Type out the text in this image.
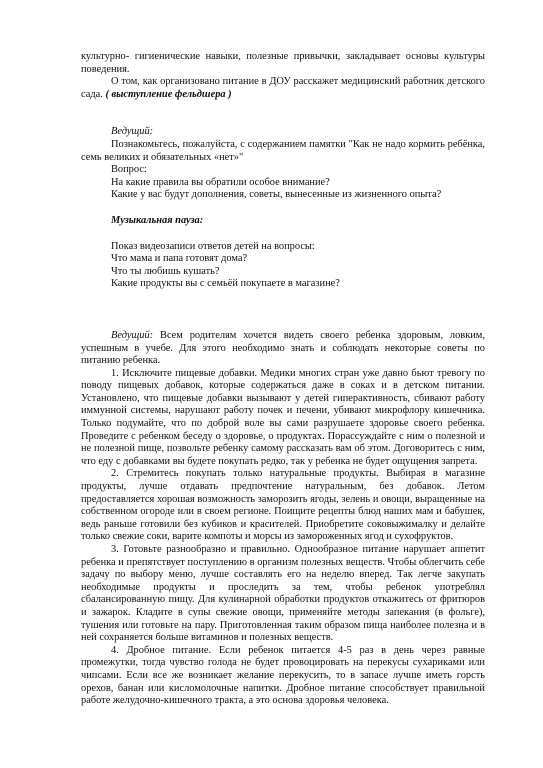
культурно- гигиенические навыки, полезные привычки, закладывает основы культуры поведения.

О том, как организовано питание в ДОУ расскажет медицинский работник детского сада. ( выступление фельдшера )

Ведущий:

Познакомьтесь, пожалуйста, с содержанием памятки "Как не надо кормить ребёнка, семь великих и обязательных «нет»"

Вопрос:

На какие правила вы обратили особое внимание?

Какие у вас будут дополнения, советы, вынесенные из жизненного опыта?

Музыкальная пауза:

Показ видеозаписи ответов детей на вопросы:

Что мама и папа готовят дома?

Что ты любишь кушать?

Какие продукты вы с семьёй покупаете в магазине?

Ведущий: Всем родителям хочется видеть своего ребенка здоровым, ловким, успешным в учебе. Для этого необходимо знать и соблюдать некоторые советы по питанию ребенка.

1. Исключите пищевые добавки. Медики многих стран уже давно бьют тревогу по поводу пищевых добавок, которые содержаться даже в соках и в детском питании. Установлено, что пищевые добавки вызывают у детей гиперактивность, сбивают работу иммунной системы, нарушают работу почек и печени, убивают микрофлору кишечника. Только подумайте, что по доброй воле вы сами разрушаете здоровье своего ребенка. Проведите с ребенком беседу о здоровье, о продуктах. Порассуждайте с ним о полезной и не полезной пище, позвольте ребенку самому рассказать вам об этом. Договоритесь с ним, что еду с добавками вы будете покупать редко, так у ребенка не будет ощущения запрета.

2. Стремитесь покупать только натуральные продукты. Выбирая в магазине продукты, лучше отдавать предпочтение натуральным, без добавок. Летом предоставляется хорошая возможность заморозить ягоды, зелень и овощи, выращенные на собственном огороде или в своем регионе. Поищите рецепты блюд наших мам и бабушек, ведь раньше готовили без кубиков и красителей. Приобретите соковыжималку и делайте только свежие соки, варите компоты и морсы из замороженных ягод и сухофруктов.

3. Готовьте разнообразно и правильно. Однообразное питание нарушает аппетит ребенка и препятствует поступлению в организм полезных веществ. Чтобы облегчить себе задачу по выбору меню, лучше составлять его на неделю вперед. Так легче закупать необходимые продукты и проследить за тем, чтобы ребенок употреблял сбалансированную пищу. Для кулинарной обработки продуктов откажитесь от фритюров и зажарок. Кладите в супы свежие овощи, применяйте методы запекания (в фольге), тушения или готовьте на пару. Приготовленная таким образом пища наиболее полезна и в ней сохраняется больше витаминов и полезных веществ.

4. Дробное питание. Если ребенок питается 4-5 раз в день через равные промежутки, тогда чувство голода не будет провоцировать на перекусы сухариками или чипсами. Если все же возникает желание перекусить, то в запасе лучше иметь горсть орехов, банан или кисломолочные напитки. Дробное питание способствует правильной работе желудочно-кишечного тракта, а это основа здоровья человека.
